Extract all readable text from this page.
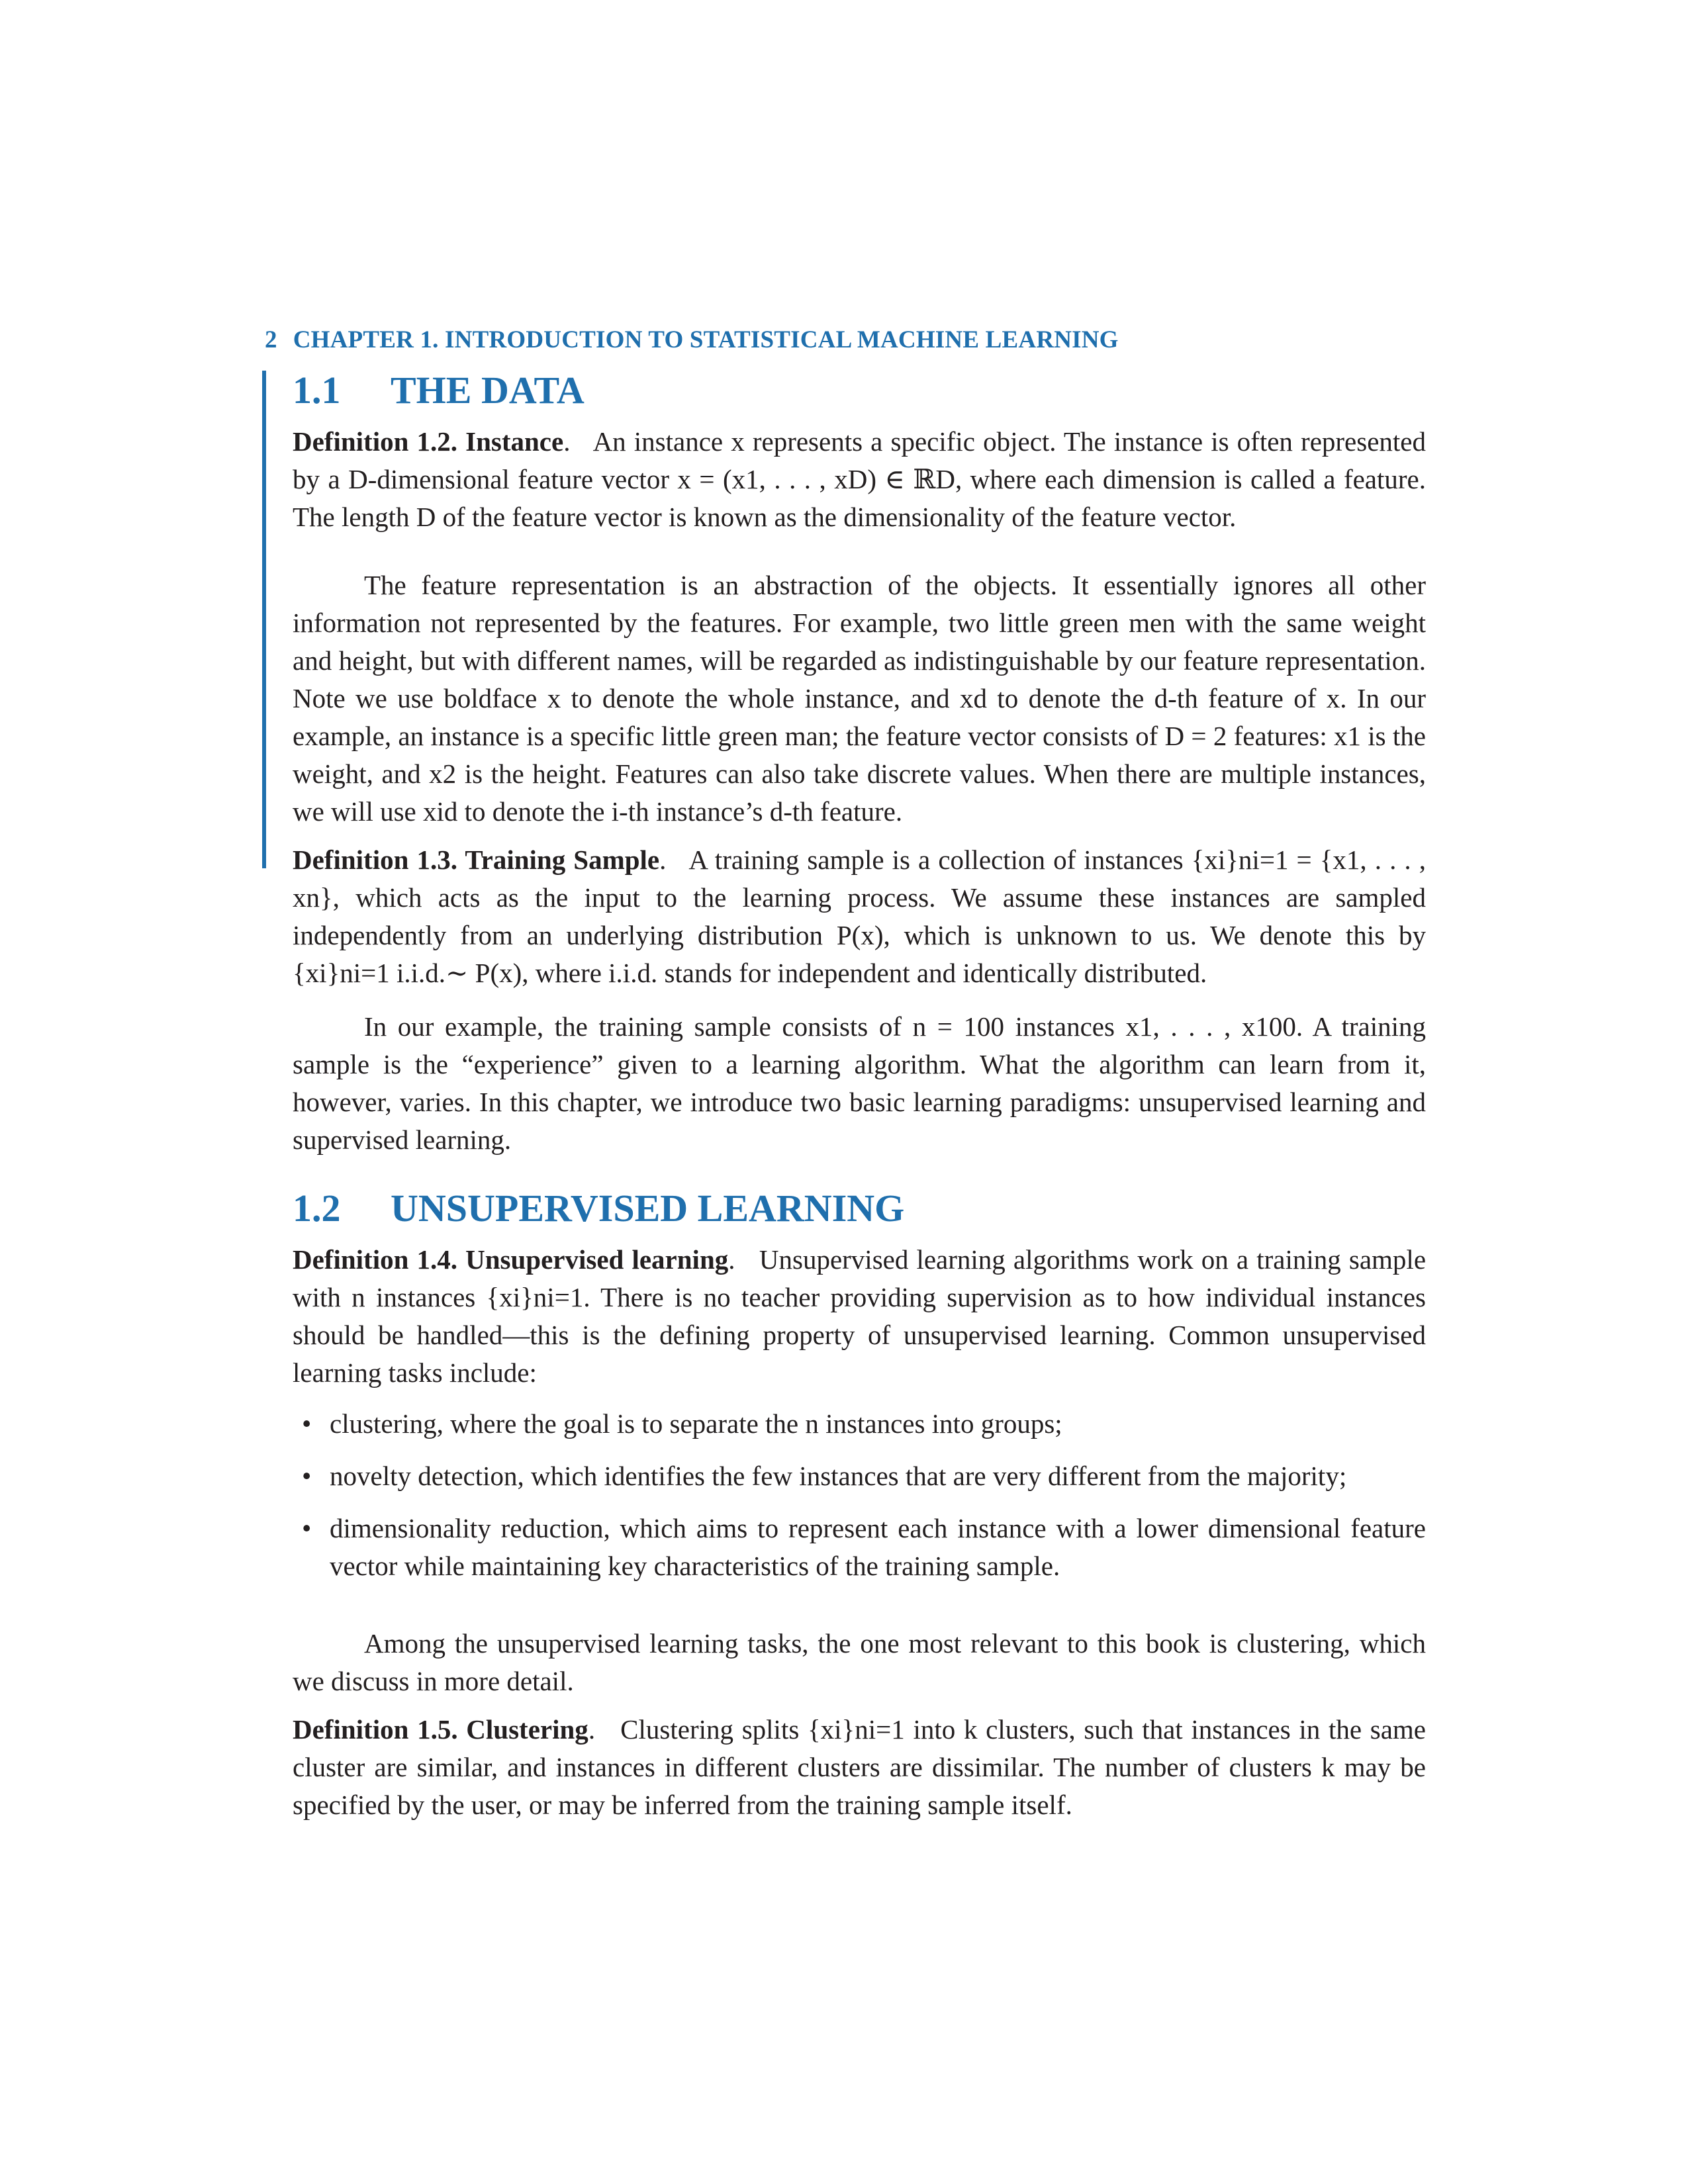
2 CHAPTER 1. INTRODUCTION TO STATISTICAL MACHINE LEARNING
1.1	THE DATA

Definition 1.2. Instance.   An instance x represents a specific object. The instance is often represented by a D-dimensional feature vector x = (x1, . . . , xD) ∈ ℝD, where each dimension is called a feature. The length D of the feature vector is known as the dimensionality of the feature vector.

The feature representation is an abstraction of the objects. It essentially ignores all other information not represented by the features. For example, two little green men with the same weight and height, but with different names, will be regarded as indistinguishable by our feature representation. Note we use boldface x to denote the whole instance, and xd to denote the d-th feature of x. In our example, an instance is a specific little green man; the feature vector consists of D = 2 features: x1 is the weight, and x2 is the height. Features can also take discrete values. When there are multiple instances, we will use xid to denote the i-th instance’s d-th feature.

Definition 1.3. Training Sample.   A training sample is a collection of instances {xi}ni=1 = {x1, . . . , xn}, which acts as the input to the learning process. We assume these instances are sampled independently from an underlying distribution P(x), which is unknown to us. We denote this by {xi}ni=1 i.i.d.∼ P(x), where i.i.d. stands for independent and identically distributed.

In our example, the training sample consists of n = 100 instances x1, . . . , x100. A training sample is the “experience” given to a learning algorithm. What the algorithm can learn from it, however, varies. In this chapter, we introduce two basic learning paradigms: unsupervised learning and supervised learning.

1.2	UNSUPERVISED LEARNING

Definition 1.4. Unsupervised learning.   Unsupervised learning algorithms work on a training sample with n instances {xi}ni=1. There is no teacher providing supervision as to how individual instances should be handled—this is the defining property of unsupervised learning. Common unsupervised learning tasks include:

• clustering, where the goal is to separate the n instances into groups;
• novelty detection, which identifies the few instances that are very different from the majority;
• dimensionality reduction, which aims to represent each instance with a lower dimensional feature vector while maintaining key characteristics of the training sample.

Among the unsupervised learning tasks, the one most relevant to this book is clustering, which we discuss in more detail.

Definition 1.5. Clustering.   Clustering splits {xi}ni=1 into k clusters, such that instances in the same cluster are similar, and instances in different clusters are dissimilar. The number of clusters k may be specified by the user, or may be inferred from the training sample itself.
